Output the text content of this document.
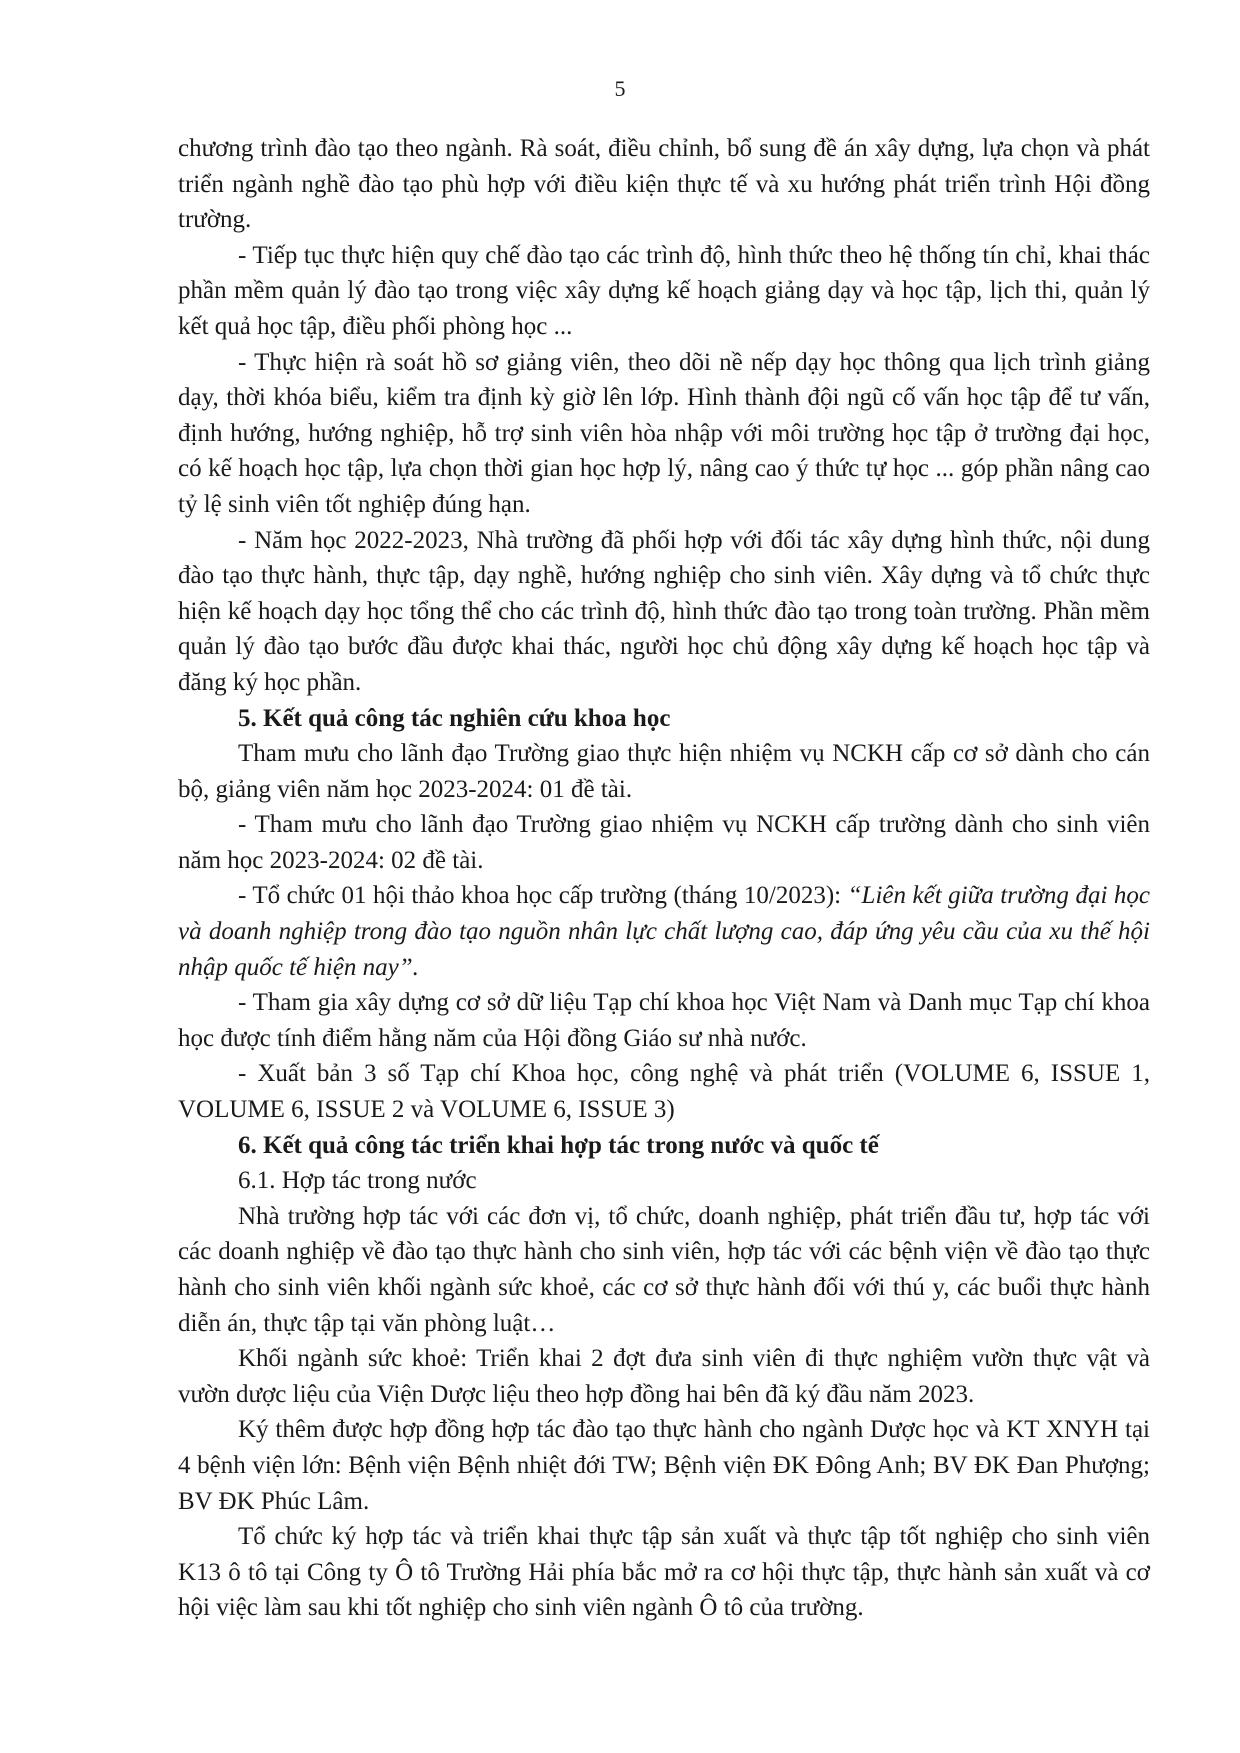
5

chương trình đào tạo theo ngành. Rà soát, điều chỉnh, bổ sung đề án xây dựng, lựa chọn và phát triển ngành nghề đào tạo phù hợp với điều kiện thực tế và xu hướng phát triển trình Hội đồng trường.

- Tiếp tục thực hiện quy chế đào tạo các trình độ, hình thức theo hệ thống tín chỉ, khai thác phần mềm quản lý đào tạo trong việc xây dựng kế hoạch giảng dạy và học tập, lịch thi, quản lý kết quả học tập, điều phối phòng học ...

- Thực hiện rà soát hồ sơ giảng viên, theo dõi nề nếp dạy học thông qua lịch trình giảng dạy, thời khóa biểu, kiểm tra định kỳ giờ lên lớp. Hình thành đội ngũ cố vấn học tập để tư vấn, định hướng, hướng nghiệp, hỗ trợ sinh viên hòa nhập với môi trường học tập ở trường đại học, có kế hoạch học tập, lựa chọn thời gian học hợp lý, nâng cao ý thức tự học ... góp phần nâng cao tỷ lệ sinh viên tốt nghiệp đúng hạn.

- Năm học 2022-2023, Nhà trường đã phối hợp với đối tác xây dựng hình thức, nội dung đào tạo thực hành, thực tập, dạy nghề, hướng nghiệp cho sinh viên. Xây dựng và tổ chức thực hiện kế hoạch dạy học tổng thể cho các trình độ, hình thức đào tạo trong toàn trường. Phần mềm quản lý đào tạo bước đầu được khai thác, người học chủ động xây dựng kế hoạch học tập và đăng ký học phần.

5. Kết quả công tác nghiên cứu khoa học

Tham mưu cho lãnh đạo Trường giao thực hiện nhiệm vụ NCKH cấp cơ sở dành cho cán bộ, giảng viên năm học 2023-2024: 01 đề tài.

- Tham mưu cho lãnh đạo Trường giao nhiệm vụ NCKH cấp trường dành cho sinh viên năm học 2023-2024: 02 đề tài.

- Tổ chức 01 hội thảo khoa học cấp trường (tháng 10/2023): “Liên kết giữa trường đại học và doanh nghiệp trong đào tạo nguồn nhân lực chất lượng cao, đáp ứng yêu cầu của xu thế hội nhập quốc tế hiện nay”.

- Tham gia xây dựng cơ sở dữ liệu Tạp chí khoa học Việt Nam và Danh mục Tạp chí khoa học được tính điểm hằng năm của Hội đồng Giáo sư nhà nước.

- Xuất bản 3 số Tạp chí Khoa học, công nghệ và phát triển (VOLUME 6, ISSUE 1, VOLUME 6, ISSUE 2 và VOLUME 6, ISSUE 3)

6. Kết quả công tác triển khai hợp tác trong nước và quốc tế

6.1. Hợp tác trong nước

Nhà trường hợp tác với các đơn vị, tổ chức, doanh nghiệp, phát triển đầu tư, hợp tác với các doanh nghiệp về đào tạo thực hành cho sinh viên, hợp tác với các bệnh viện về đào tạo thực hành cho sinh viên khối ngành sức khoẻ, các cơ sở thực hành đối với thú y, các buổi thực hành diễn án, thực tập tại văn phòng luật…

Khối ngành sức khoẻ: Triển khai 2 đợt đưa sinh viên đi thực nghiệm vườn thực vật và vườn dược liệu của Viện Dược liệu theo hợp đồng hai bên đã ký đầu năm 2023.

Ký thêm được hợp đồng hợp tác đào tạo thực hành cho ngành Dược học và KT XNYH tại 4 bệnh viện lớn: Bệnh viện Bệnh nhiệt đới TW; Bệnh viện ĐK Đông Anh; BV ĐK Đan Phượng; BV ĐK Phúc Lâm.

Tổ chức ký hợp tác và triển khai thực tập sản xuất và thực tập tốt nghiệp cho sinh viên K13 ô tô tại Công ty Ô tô Trường Hải phía bắc mở ra cơ hội thực tập, thực hành sản xuất và cơ hội việc làm sau khi tốt nghiệp cho sinh viên ngành Ô tô của trường.
